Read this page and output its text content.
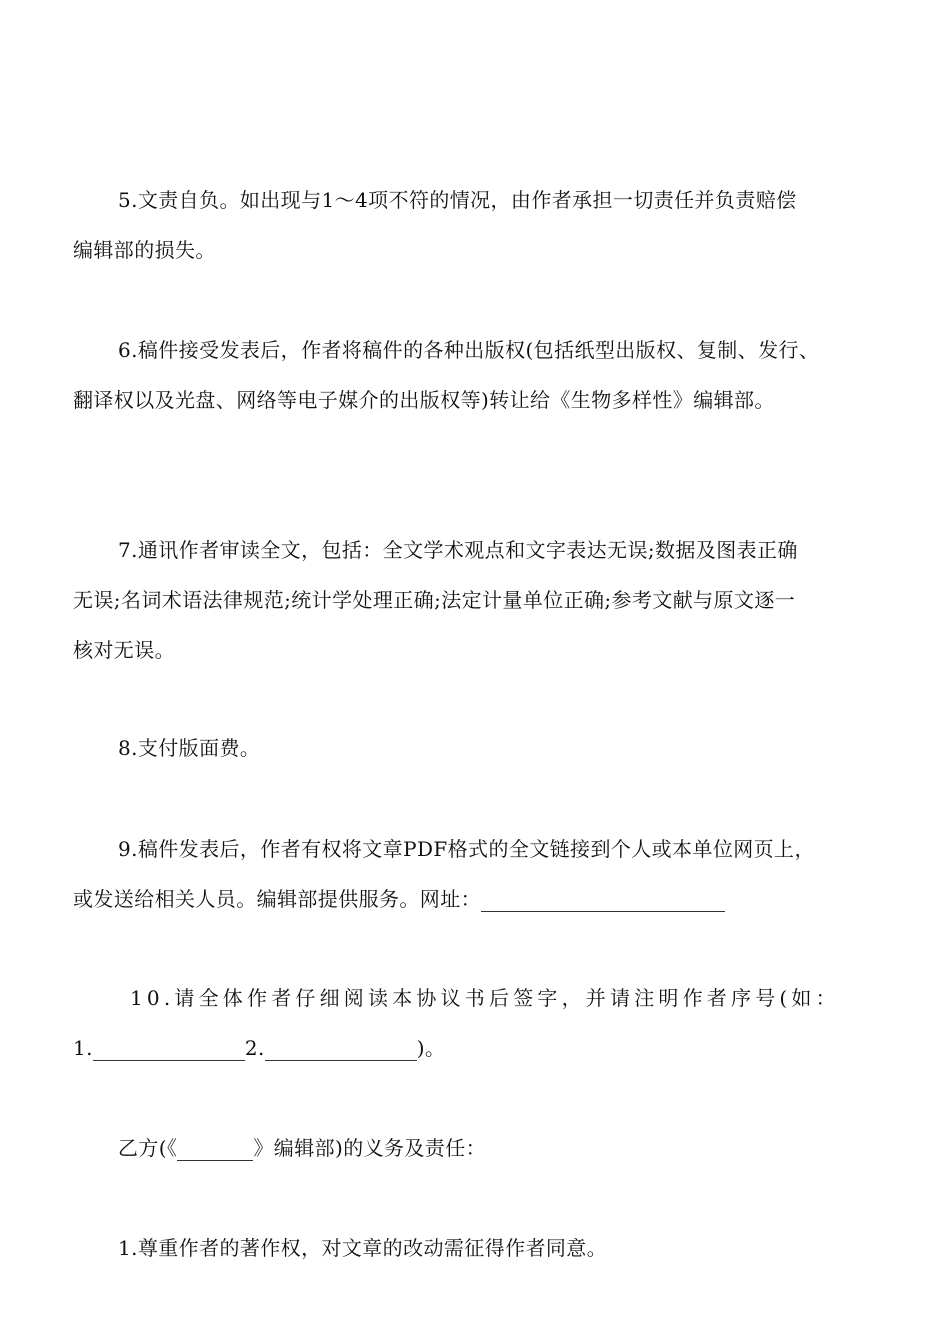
5.文责自负。如出现与1～4项不符的情况，由作者承担一切责任并负责赔偿
编辑部的损失。
6.稿件接受发表后，作者将稿件的各种出版权(包括纸型出版权、复制、发行、
翻译权以及光盘、网络等电子媒介的出版权等)转让给《生物多样性》编辑部。
7.通讯作者审读全文，包括：全文学术观点和文字表达无误;数据及图表正确
无误;名词术语法律规范;统计学处理正确;法定计量单位正确;参考文献与原文逐一
核对无误。
8.支付版面费。
9.稿件发表后，作者有权将文章PDF格式的全文链接到个人或本单位网页上，
或发送给相关人员。编辑部提供服务。网址：
10.请全体作者仔细阅读本协议书后签字，并请注明作者序号(如：
1.	2.	)。
乙方(《	》编辑部)的义务及责任：
1.尊重作者的著作权，对文章的改动需征得作者同意。
